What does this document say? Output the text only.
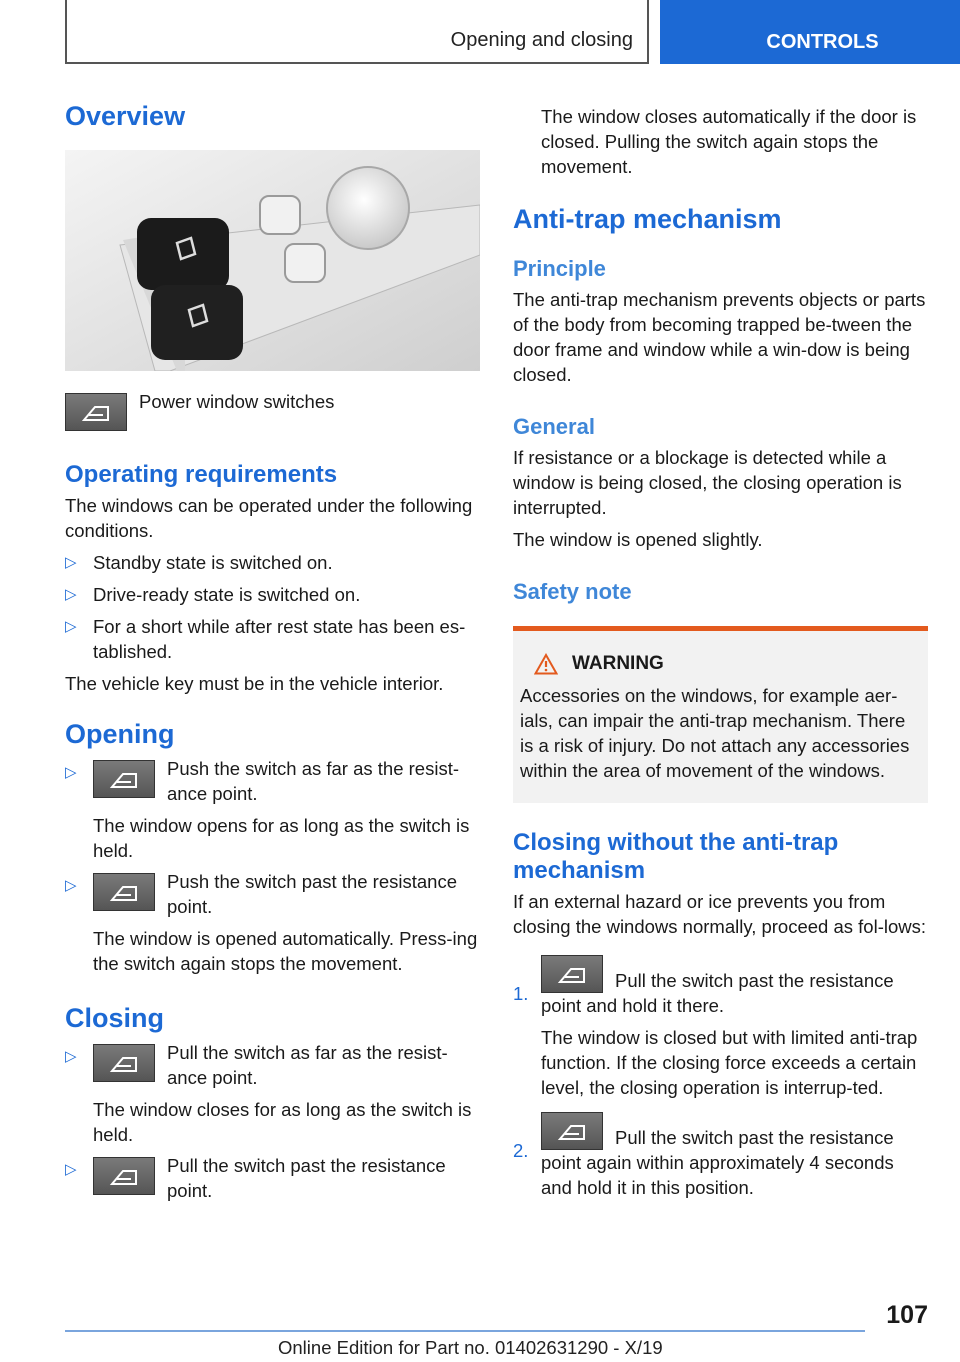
Opening and closing	CONTROLS
Overview

Power window switches

Operating requirements

The windows can be operated under the following conditions.

▷ Standby state is switched on.

▷ Drive-ready state is switched on.

▷ For a short while after rest state has been es-tablished.

The vehicle key must be in the vehicle interior.

Opening
▷	Push the switch as far as the resist-ance point.

The window opens for as long as the switch is held.

▷	Push the switch past the resistance point.

The window is opened automatically. Press-ing the switch again stops the movement.

Closing
▷	Pull the switch as far as the resist-ance point.

The window closes for as long as the switch is held.

▷	Pull the switch past the resistance point.

The window closes automatically if the door is closed. Pulling the switch again stops the movement.

Anti-trap mechanism
Principle

The anti-trap mechanism prevents objects or parts of the body from becoming trapped be-tween the door frame and window while a win-dow is being closed.

General

If resistance or a blockage is detected while a window is being closed, the closing operation is interrupted.

The window is opened slightly.

Safety note
WARNING

Accessories on the windows, for example aer-ials, can impair the anti-trap mechanism. There is a risk of injury. Do not attach any accessories within the area of movement of the windows.

Closing without the anti-trap mechanism

If an external hazard or ice prevents you from closing the windows normally, proceed as fol-lows:

1.

Pull the switch past the resistance

point and hold it there.

The window is closed but with limited anti-trap function. If the closing force exceeds a certain level, the closing operation is interrup-ted.

2.

Pull the switch past the resistance

point again within approximately 4 seconds and hold it in this position.

107
Online Edition for Part no. 01402631290 - X/19
